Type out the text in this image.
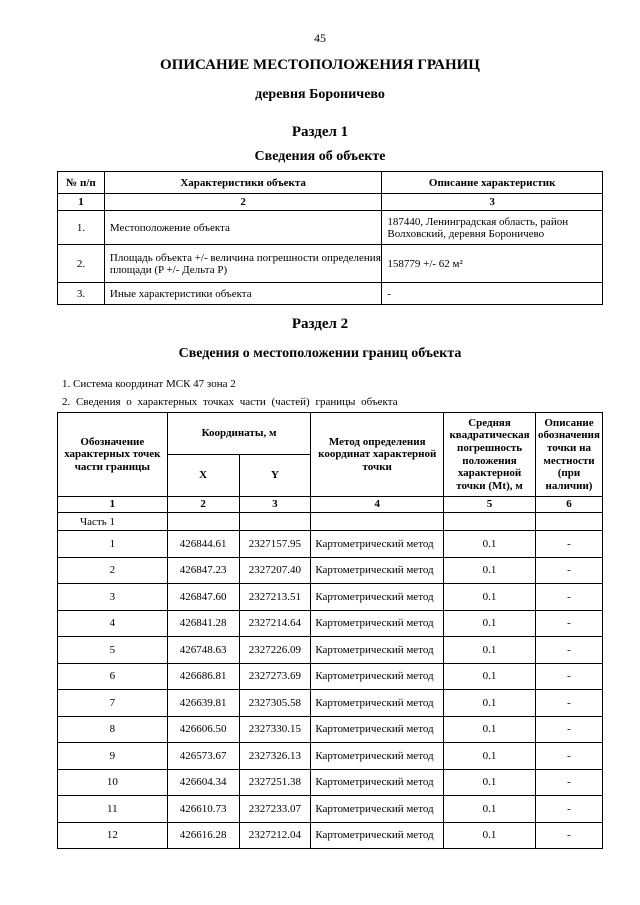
45
ОПИСАНИЕ МЕСТОПОЛОЖЕНИЯ ГРАНИЦ
деревня Бороничево
Раздел 1
Сведения об объекте
№ п/п	Характеристики объекта	Описание характеристик
1	2	3
1.	Местоположение объекта	187440, Ленинградская область, район Волховский, деревня Бороничево
2.	Площадь объекта +/- величина погрешности определения площади (P +/- Дельта P)	158779 +/- 62 м²
3.	Иные характеристики объекта	-
Раздел 2
Сведения о местоположении границ объекта
1. Система координат МСК 47 зона 2
2. Сведения о характерных точках части (частей) границы объекта
Обозначение характерных точек части границы	Координаты, м		Метод определения координат характерной точки	Средняя квадратическая погрешность положения характерной точки (Mt), м	Описание обозначения точки на местности (при наличии)
	X	Y			
1	2	3	4	5	6
Часть 1					
1	426844.61	2327157.95	Картометрический метод	0.1	-
2	426847.23	2327207.40	Картометрический метод	0.1	-
3	426847.60	2327213.51	Картометрический метод	0.1	-
4	426841.28	2327214.64	Картометрический метод	0.1	-
5	426748.63	2327226.09	Картометрический метод	0.1	-
6	426686.81	2327273.69	Картометрический метод	0.1	-
7	426639.81	2327305.58	Картометрический метод	0.1	-
8	426606.50	2327330.15	Картометрический метод	0.1	-
9	426573.67	2327326.13	Картометрический метод	0.1	-
10	426604.34	2327251.38	Картометрический метод	0.1	-
11	426610.73	2327233.07	Картометрический метод	0.1	-
12	426616.28	2327212.04	Картометрический метод	0.1	-
